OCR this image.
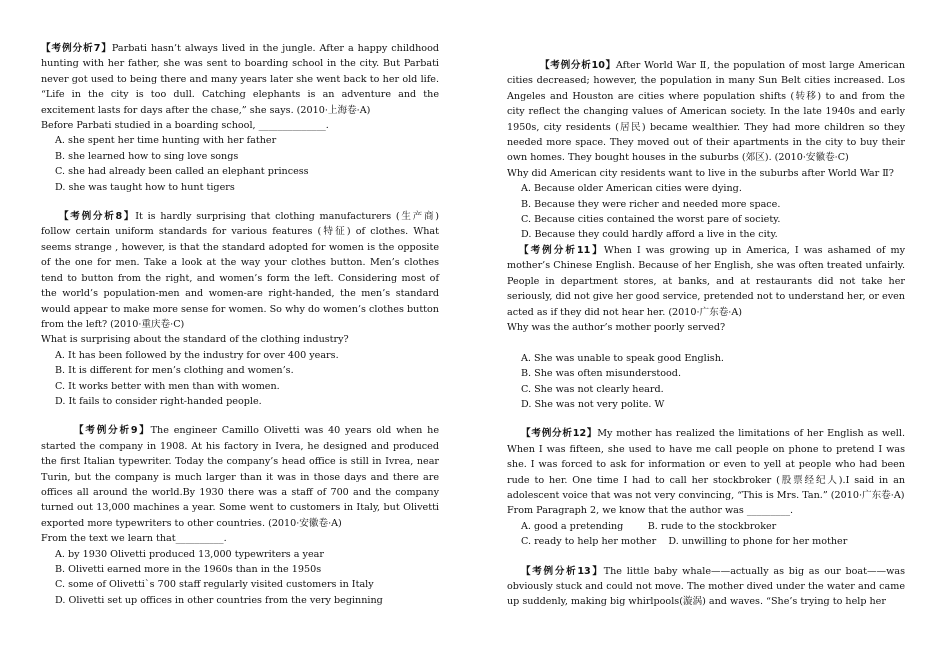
【考例分析7】Parbati hasn’t always lived in the jungle. After a happy childhood hunting with her father, she was sent to boarding school in the city. But Parbati never got used to being there and many years later she went back to her old life. “Life in the city is too dull. Catching elephants is an adventure and the excitement lasts for days after the chase,” she says. (2010·上海卷·A)

Before Parbati studied in a boarding school, ______________.

A. she spent her time hunting with her father

B. she learned how to sing love songs

C. she had already been called an elephant princess

D. she was taught how to hunt tigers

【考例分析8】It is hardly surprising that clothing manufacturers (生产商) follow certain uniform standards for various features (特征) of clothes. What seems strange , however, is that the standard adopted for women is the opposite of the one for men. Take a look at the way your clothes button. Men’s clothes tend to button from the right, and women’s form the left. Considering most of the world’s population-men and women-are right-handed, the men’s standard would appear to make more sense for women. So why do women’s clothes button from the left? (2010·重庆卷·C)

What is surprising about the standard of the clothing industry?

A. It has been followed by the industry for over 400 years.

B. It is different for men’s clothing and women’s.

C. It works better with men than with women.

D. It fails to consider right-handed people.

【考例分析9】The engineer Camillo Olivetti was 40 years old when he started the company in 1908. At his factory in Ivera, he designed and produced the first Italian typewriter. Today the company’s head office is still in Ivrea, near Turin, but the company is much larger than it was in those days and there are offices all around the world.By 1930 there was a staff of 700 and the company turned out 13,000 machines a year. Some went to customers in Italy, but Olivetti exported more typewriters to other countries. (2010·安徽卷·A)

From the text we learn that__________.

A. by 1930 Olivetti produced 13,000 typewriters a year

B. Olivetti earned more in the 1960s than in the 1950s

C. some of Olivetti`s 700 staff regularly visited customers in Italy

D. Olivetti set up offices in other countries from the very beginning

【考例分析10】After World War Ⅱ, the population of most large American cities decreased; however, the population in many Sun Belt cities increased. Los Angeles and Houston are cities where population shifts (转移) to and from the city reflect the changing values of American society. In the late 1940s and early 1950s, city residents (居民) became wealthier. They had more children so they needed more space. They moved out of their apartments in the city to buy their own homes. They bought houses in the suburbs (郊区). (2010·安徽卷·C)

Why did American city residents want to live in the suburbs after World War Ⅱ?

A. Because older American cities were dying.

B. Because they were richer and needed more space.

C. Because cities contained the worst pare of society.

D. Because they could hardly afford a live in the city.

【考例分析11】When I was growing up in America, I was ashamed of my mother’s Chinese English. Because of her English, she was often treated unfairly. People in department stores, at banks, and at restaurants did not take her seriously, did not give her good service, pretended not to understand her, or even acted as if they did not hear her. (2010·广东卷·A)

Why was the author’s mother poorly served?

A. She was unable to speak good English.

B. She was often misunderstood.

C. She was not clearly heard.

D. She was not very polite. W

【考例分析12】My mother has realized the limitations of her English as well. When I was fifteen, she used to have me call people on phone to pretend I was she. I was forced to ask for information or even to yell at people who had been rude to her. One time I had to call her stockbroker (股票经纪人).I said in an adolescent voice that was not very convincing, “This is Mrs. Tan.” (2010·广东卷·A)

From Paragraph 2, we know that the author was _________.

A. good a pretending        B. rude to the stockbroker

C. ready to help her mother    D. unwilling to phone for her mother

【考例分析13】The little baby whale——actually as big as our boat——was obviously stuck and could not move. The mother dived under the water and came up suddenly, making big whirlpools(漩涡) and waves. “She’s trying to help her
